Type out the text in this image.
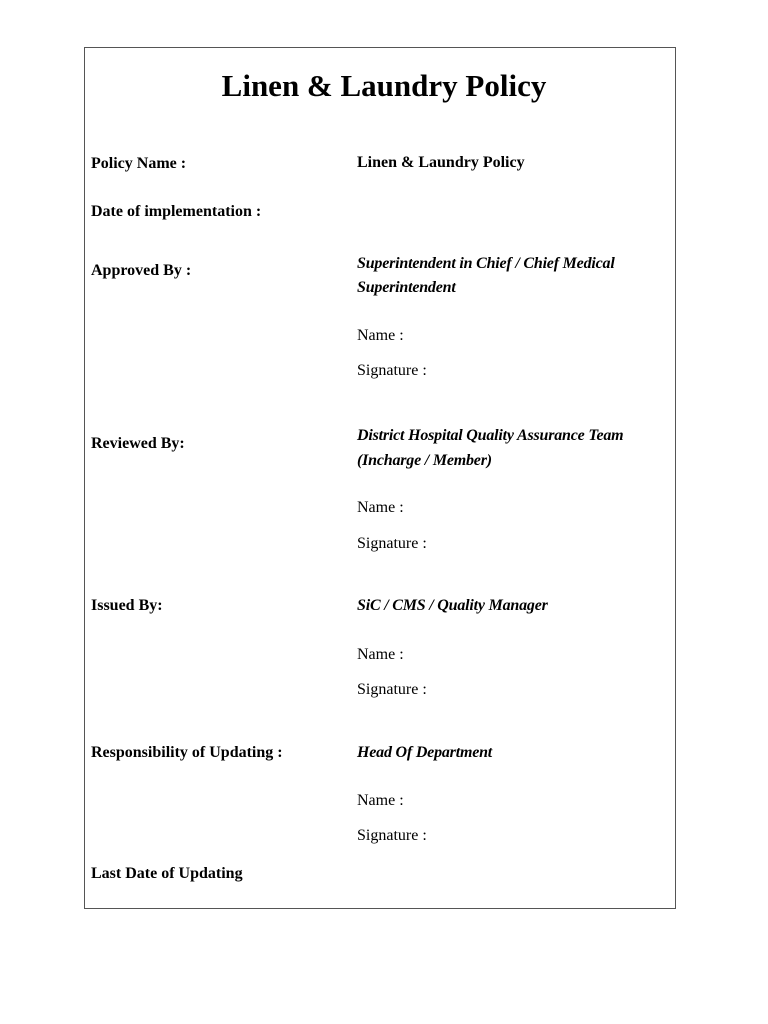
Linen & Laundry Policy
Policy Name :	Linen & Laundry Policy
Date of implementation :
Approved By :	Superintendent in Chief / Chief Medical
Superintendent
Name :
Signature :
Reviewed By:	District Hospital Quality Assurance Team
(Incharge / Member)
Name :
Signature :
Issued By:	SiC / CMS / Quality Manager
Name :
Signature :
Responsibility of Updating :	Head Of Department
Name :
Signature :
Last Date of Updating
